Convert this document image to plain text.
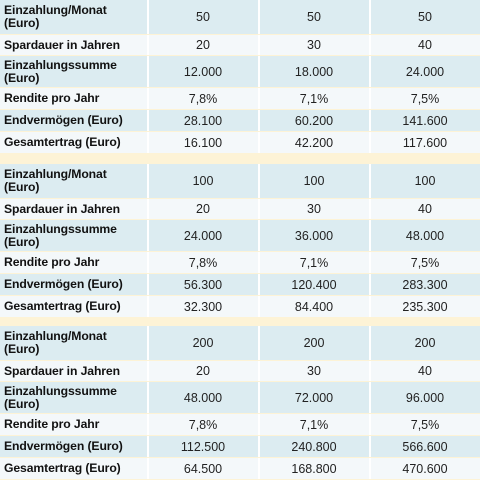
Einzahlung/Monat
(Euro)	50	50	50
Spardauer in Jahren	20	30	40
Einzahlungssumme
(Euro)	12.000	18.000	24.000
Rendite pro Jahr	7,8%	7,1%	7,5%
Endvermögen (Euro)	28.100	60.200	141.600
Gesamtertrag (Euro)	16.100	42.200	117.600
Einzahlung/Monat
(Euro)	100	100	100
Spardauer in Jahren	20	30	40
Einzahlungssumme
(Euro)	24.000	36.000	48.000
Rendite pro Jahr	7,8%	7,1%	7,5%
Endvermögen (Euro)	56.300	120.400	283.300
Gesamtertrag (Euro)	32.300	84.400	235.300
Einzahlung/Monat
(Euro)	200	200	200
Spardauer in Jahren	20	30	40
Einzahlungssumme
(Euro)	48.000	72.000	96.000
Rendite pro Jahr	7,8%	7,1%	7,5%
Endvermögen (Euro)	112.500	240.800	566.600
Gesamtertrag (Euro)	64.500	168.800	470.600
